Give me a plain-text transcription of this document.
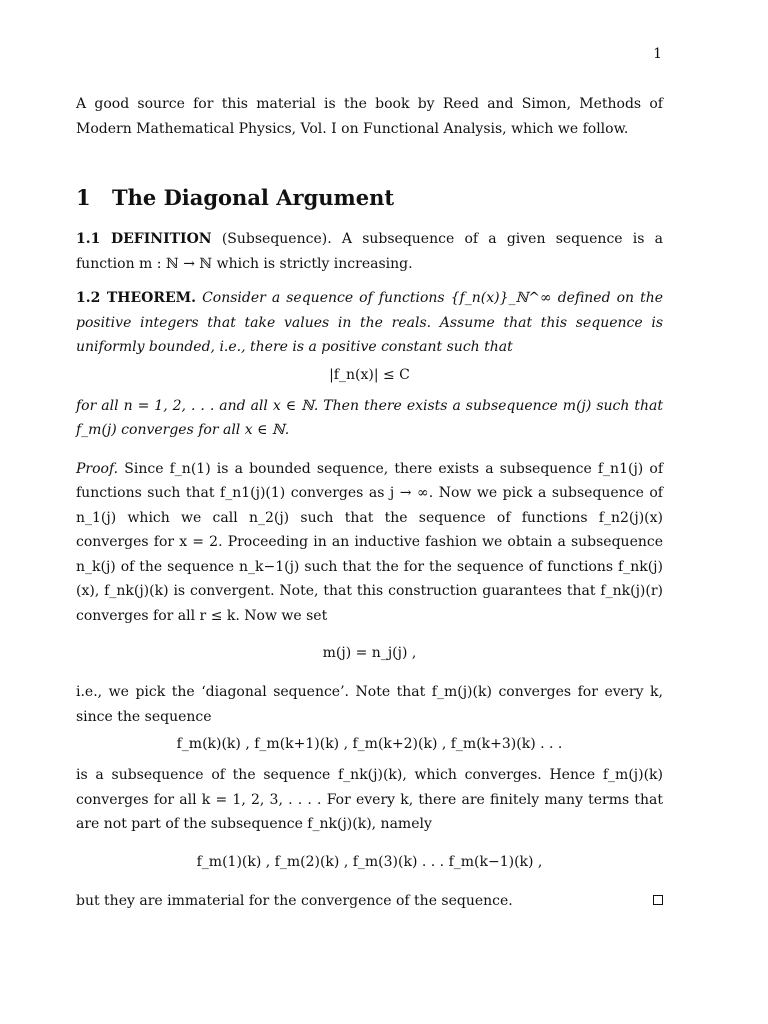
1

A good source for this material is the book by Reed and Simon, Methods of Modern Mathematical Physics, Vol. I on Functional Analysis, which we follow.

1 The Diagonal Argument

1.1 DEFINITION (Subsequence). A subsequence of a given sequence is a function m : ℕ → ℕ which is strictly increasing.

1.2 THEOREM. Consider a sequence of functions {f_n(x)}_ℕ^∞ defined on the positive integers that take values in the reals. Assume that this sequence is uniformly bounded, i.e., there is a positive constant such that

|f_n(x)| ≤ C

for all n = 1, 2, . . . and all x ∈ ℕ. Then there exists a subsequence m(j) such that f_m(j) converges for all x ∈ ℕ.

Proof. Since f_n(1) is a bounded sequence, there exists a subsequence f_n1(j) of functions such that f_n1(j)(1) converges as j → ∞. Now we pick a subsequence of n_1(j) which we call n_2(j) such that the sequence of functions f_n2(j)(x) converges for x = 2. Proceeding in an inductive fashion we obtain a subsequence n_k(j) of the sequence n_k−1(j) such that the for the sequence of functions f_nk(j)(x), f_nk(j)(k) is convergent. Note, that this construction guarantees that f_nk(j)(r) converges for all r ≤ k. Now we set

m(j) = n_j(j) ,

i.e., we pick the ‘diagonal sequence’. Note that f_m(j)(k) converges for every k, since the sequence

f_m(k)(k) , f_m(k+1)(k) , f_m(k+2)(k) , f_m(k+3)(k) . . .

is a subsequence of the sequence f_nk(j)(k), which converges. Hence f_m(j)(k) converges for all k = 1, 2, 3, . . . . For every k, there are finitely many terms that are not part of the subsequence f_nk(j)(k), namely

f_m(1)(k) , f_m(2)(k) , f_m(3)(k) . . . f_m(k−1)(k) ,

but they are immaterial for the convergence of the sequence.
